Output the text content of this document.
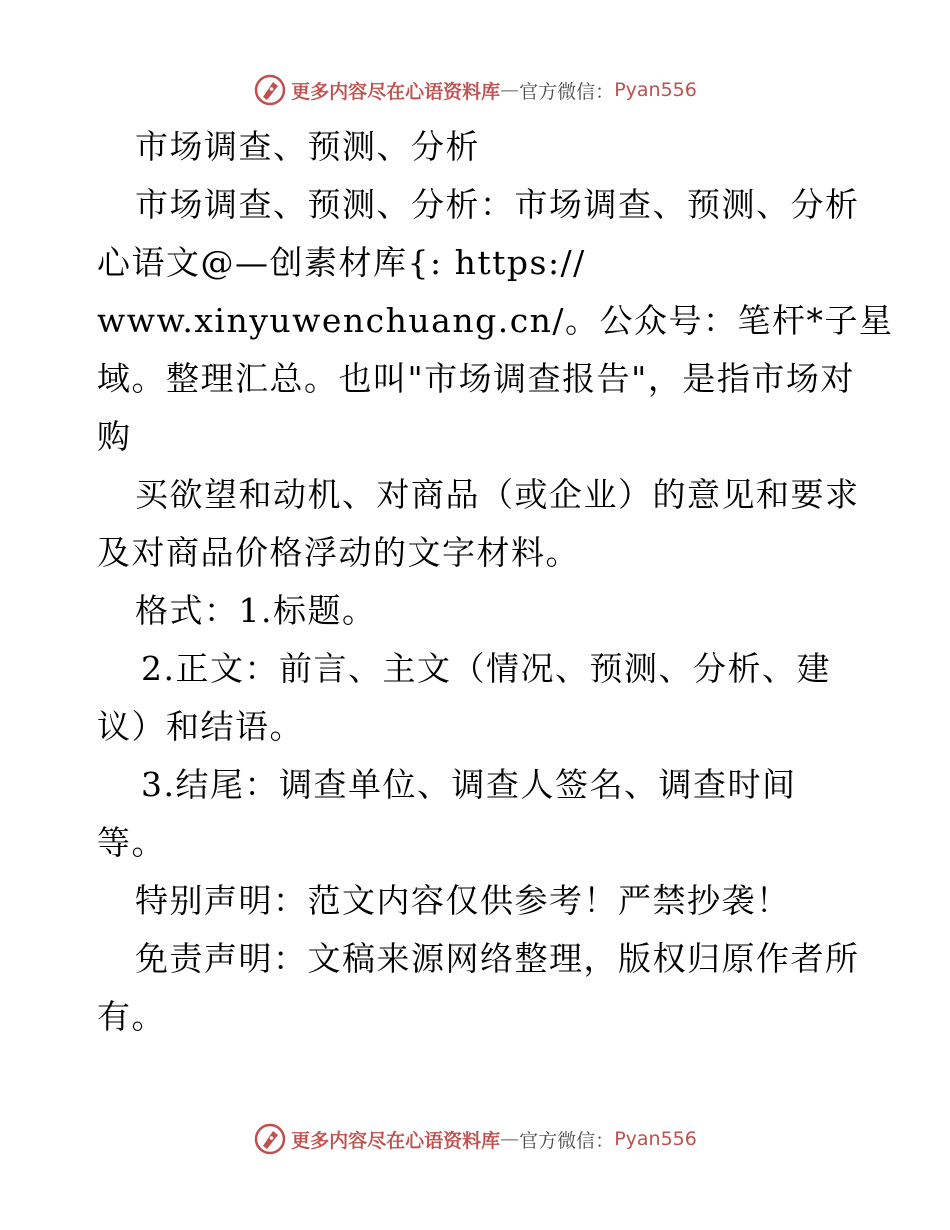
更多内容尽在心语资料库 — 官方微信： Pyan556
市场调查、预测、分析
市场调查、预测、分析：市场调查、预测、分析
心语文@—创素材库{: https://
www.xinyuwenchuang.cn/。公众号：笔杆*子星
域。整理汇总。也叫"市场调查报告"，是指市场对
购
买欲望和动机、对商品（或企业）的意见和要求
及对商品价格浮动的文字材料。
格式：1.标题。
2.正文：前言、主文（情况、预测、分析、建
议）和结语。
3.结尾：调查单位、调查人签名、调查时间
等。
特别声明：范文内容仅供参考！严禁抄袭！
免责声明：文稿来源网络整理，版权归原作者所
有。
更多内容尽在心语资料库 — 官方微信： Pyan556
